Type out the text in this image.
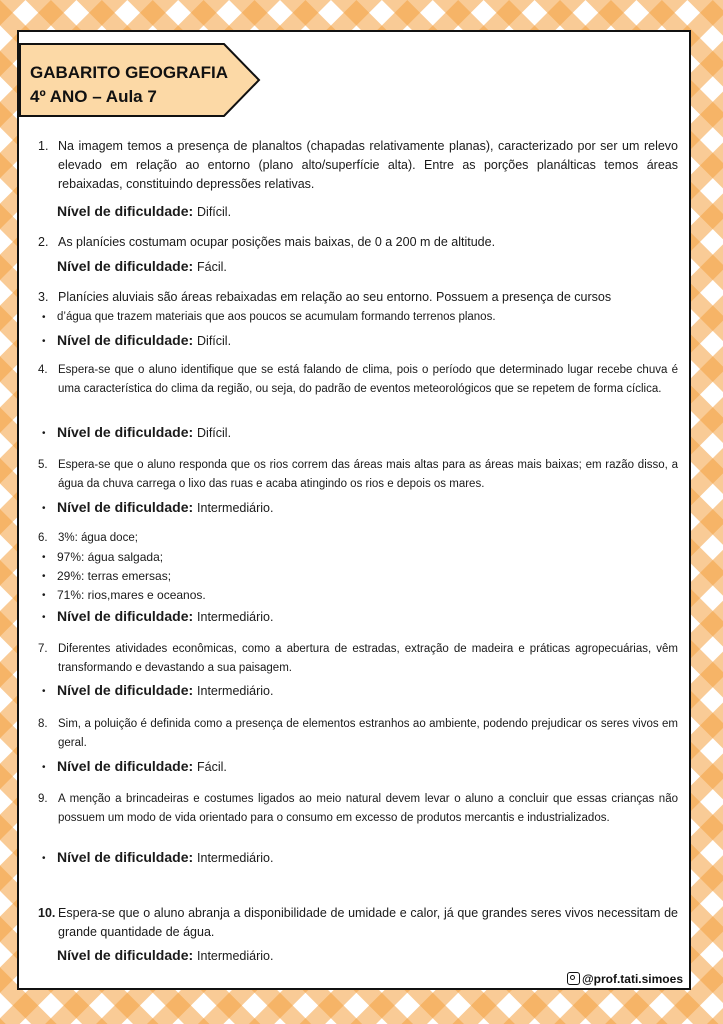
GABARITO GEOGRAFIA
4º ANO – Aula 7
1. Na imagem temos a presença de planaltos (chapadas relativamente planas), caracterizado por ser um relevo elevado em relação ao entorno (plano alto/superfície alta). Entre as porções planálticas temos áreas rebaixadas, constituindo depressões relativas.
Nível de dificuldade: Difícil.
2. As planícies costumam ocupar posições mais baixas, de 0 a 200 m de altitude.
Nível de dificuldade: Fácil.
3. Planícies aluviais são áreas rebaixadas em relação ao seu entorno. Possuem a presença de cursos
• d’água que trazem materiais que aos poucos se acumulam formando terrenos planos.
• Nível de dificuldade: Difícil.
4. Espera-se que o aluno identifique que se está falando de clima, pois o período que determinado lugar recebe chuva é uma característica do clima da região, ou seja, do padrão de eventos meteorológicos que se repetem de forma cíclica.
• Nível de dificuldade: Difícil.
5. Espera-se que o aluno responda que os rios correm das áreas mais altas para as áreas mais baixas; em razão disso, a água da chuva carrega o lixo das ruas e acaba atingindo os rios e depois os mares.
• Nível de dificuldade: Intermediário.
6. 3%: água doce;
• 97%: água salgada;
• 29%: terras emersas;
• 71%: rios,mares e oceanos.
• Nível de dificuldade: Intermediário.
7. Diferentes atividades econômicas, como a abertura de estradas, extração de madeira e práticas agropecuárias, vêm transformando e devastando a sua paisagem.
• Nível de dificuldade: Intermediário.
8. Sim, a poluição é definida como a presença de elementos estranhos ao ambiente, podendo prejudicar os seres vivos em geral.
• Nível de dificuldade: Fácil.
9. A menção a brincadeiras e costumes ligados ao meio natural devem levar o aluno a concluir que essas crianças não possuem um modo de vida orientado para o consumo em excesso de produtos mercantis e industrializados.
• Nível de dificuldade: Intermediário.
10. Espera-se que o aluno abranja a disponibilidade de umidade e calor, já que grandes seres vivos necessitam de grande quantidade de água.
Nível de dificuldade: Intermediário.
@prof.tati.simoes
